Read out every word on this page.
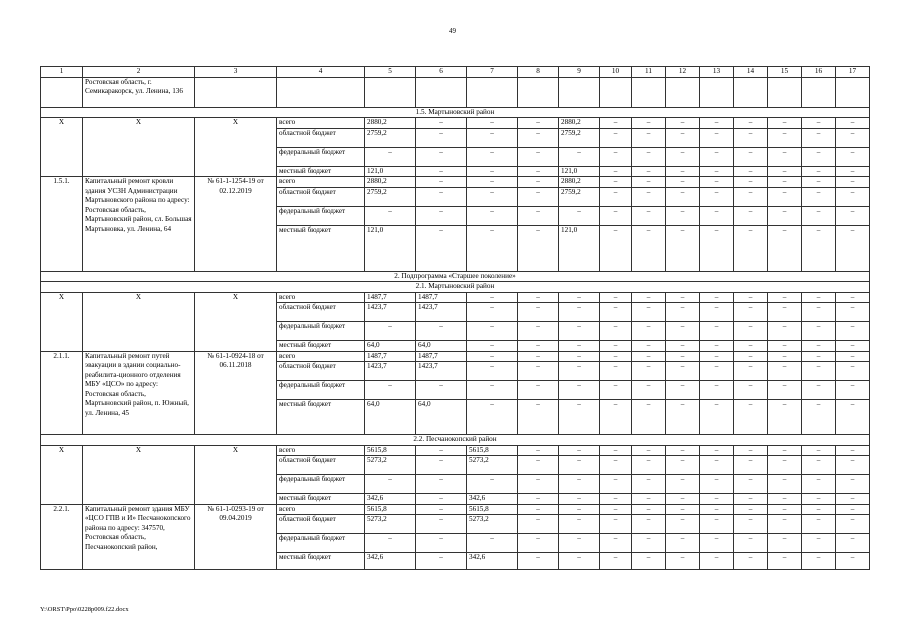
49
1	2	3	4	5	6	7	8	9	10	11	12	13	14	15	16	17
	Ростовская область, г. Семикаракорск, ул. Ленина, 136															
1.5. Мартыновский район																
Х	Х	Х	всего	2880,2	–	–	–	2880,2	–	–	–	–	–	–	–	–
			областной бюджет	2759,2	–	–	–	2759,2	–	–	–	–	–	–	–	–
			федеральный бюджет	–	–	–	–	–	–	–	–	–	–	–	–	–
			местный бюджет	121,0	–	–	–	121,0	–	–	–	–	–	–	–	–
1.5.1.	Капитальный ремонт кровли здания УСЗН Администрации Мартыновского района по адресу: Ростовская область, Мартыновский район, сл. Большая Мартыновка, ул. Ленина, 64	№ 61-1-1254-19 от 02.12.2019	всего	2880,2	–	–	–	2880,2	–	–	–	–	–	–	–	–
			областной бюджет	2759,2	–	–	–	2759,2	–	–	–	–	–	–	–	–
			федеральный бюджет	–	–	–	–	–	–	–	–	–	–	–	–	–
			местный бюджет	121,0	–	–	–	121,0	–	–	–	–	–	–	–	–
2. Подпрограмма «Старшее поколение»																
2.1. Мартыновский район																
Х	Х	Х	всего	1487,7	1487,7	–	–	–	–	–	–	–	–	–	–	–
			областной бюджет	1423,7	1423,7	–	–	–	–	–	–	–	–	–	–	–
			федеральный бюджет	–	–	–	–	–	–	–	–	–	–	–	–	–
			местный бюджет	64,0	64,0	–	–	–	–	–	–	–	–	–	–	–
2.1.1.	Капитальный ремонт путей эвакуации в здании социально-реабилита-ционного отделения МБУ «ЦСО» по адресу: Ростовская область, Мартыновский район, п. Южный, ул. Ленина, 45	№ 61-1-0924-18 от 06.11.2018	всего	1487,7	1487,7	–	–	–	–	–	–	–	–	–	–	–
			областной бюджет	1423,7	1423,7	–	–	–	–	–	–	–	–	–	–	–
			федеральный бюджет	–	–	–	–	–	–	–	–	–	–	–	–	–
			местный бюджет	64,0	64,0	–	–	–	–	–	–	–	–	–	–	–
2.2. Песчанокопский район																
Х	Х	Х	всего	5615,8	–	5615,8	–	–	–	–	–	–	–	–	–	–
			областной бюджет	5273,2	–	5273,2	–	–	–	–	–	–	–	–	–	–
			федеральный бюджет	–	–	–	–	–	–	–	–	–	–	–	–	–
			местный бюджет	342,6	–	342,6	–	–	–	–	–	–	–	–	–	–
2.2.1.	Капитальный ремонт здания МБУ «ЦСО ГПВ и И» Песчанокопского района по адресу: 347570, Ростовская область, Песчанокопский район,	№ 61-1-0293-19 от 09.04.2019	всего	5615,8	–	5615,8	–	–	–	–	–	–	–	–	–	–
			областной бюджет	5273,2	–	5273,2	–	–	–	–	–	–	–	–	–	–
			федеральный бюджет	–	–	–	–	–	–	–	–	–	–	–	–	–
			местный бюджет	342,6	–	342,6	–	–	–	–	–	–	–	–	–	–
Y:\ORST\Ppo\0228p009.f22.docx
